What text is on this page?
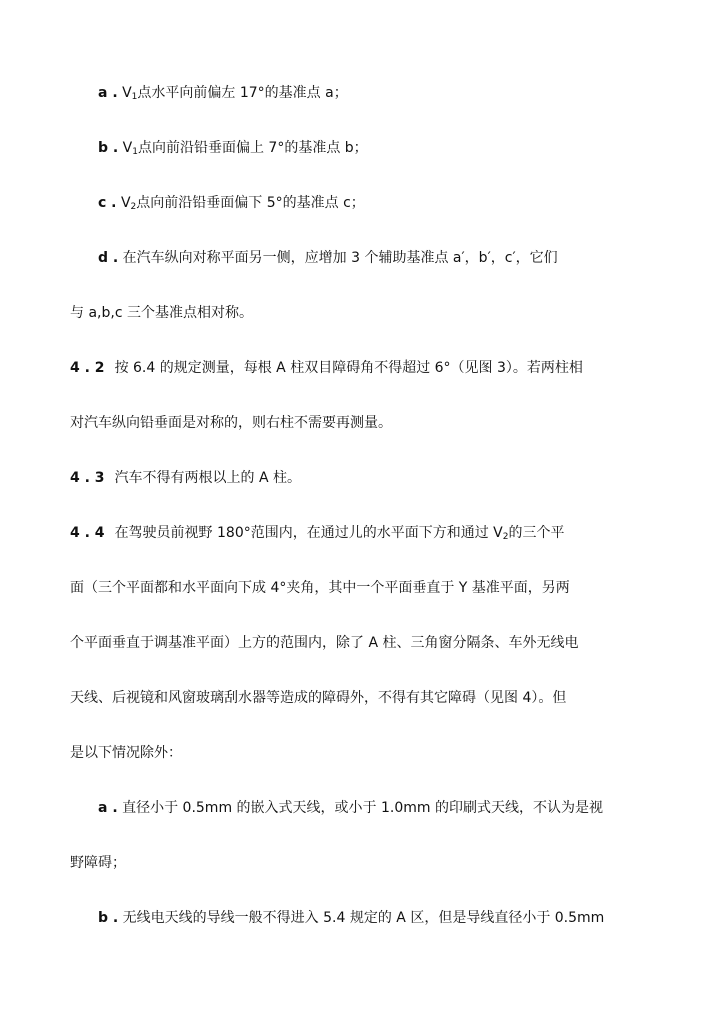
a . $V_1$点水平向前偏左 17°的基准点 a；
b . $V_1$点向前沿铅垂面偏上 7°的基准点 b；
c . $V_2$点向前沿铅垂面偏下 5°的基准点 c；
d . 在汽车纵向对称平面另一侧，应增加 3 个辅助基准点 a′，b′，c′，它们
与 a,b,c 三个基准点相对称。
4 . 2 按 6.4 的规定测量，每根 A 柱双目障碍角不得超过 6°（见图 3）。若两柱相
对汽车纵向铅垂面是对称的，则右柱不需要再测量。
4 . 3 汽车不得有两根以上的 A 柱。
4 . 4 在驾驶员前视野 180°范围内，在通过儿的水平面下方和通过 $V_2$的三个平
面（三个平面都和水平面向下成 4°夹角，其中一个平面垂直于 Y 基准平面，另两
个平面垂直于调基准平面）上方的范围内，除了 A 柱、三角窗分隔条、车外无线电
天线、后视镜和风窗玻璃刮水器等造成的障碍外，不得有其它障碍（见图 4）。但
是以下情况除外：
a . 直径小于 0.5mm 的嵌入式天线，或小于 1.0mm 的印刷式天线，不认为是视
野障碍；
b . 无线电天线的导线一般不得进入 5.4 规定的 A 区，但是导线直径小于 0.5mm
